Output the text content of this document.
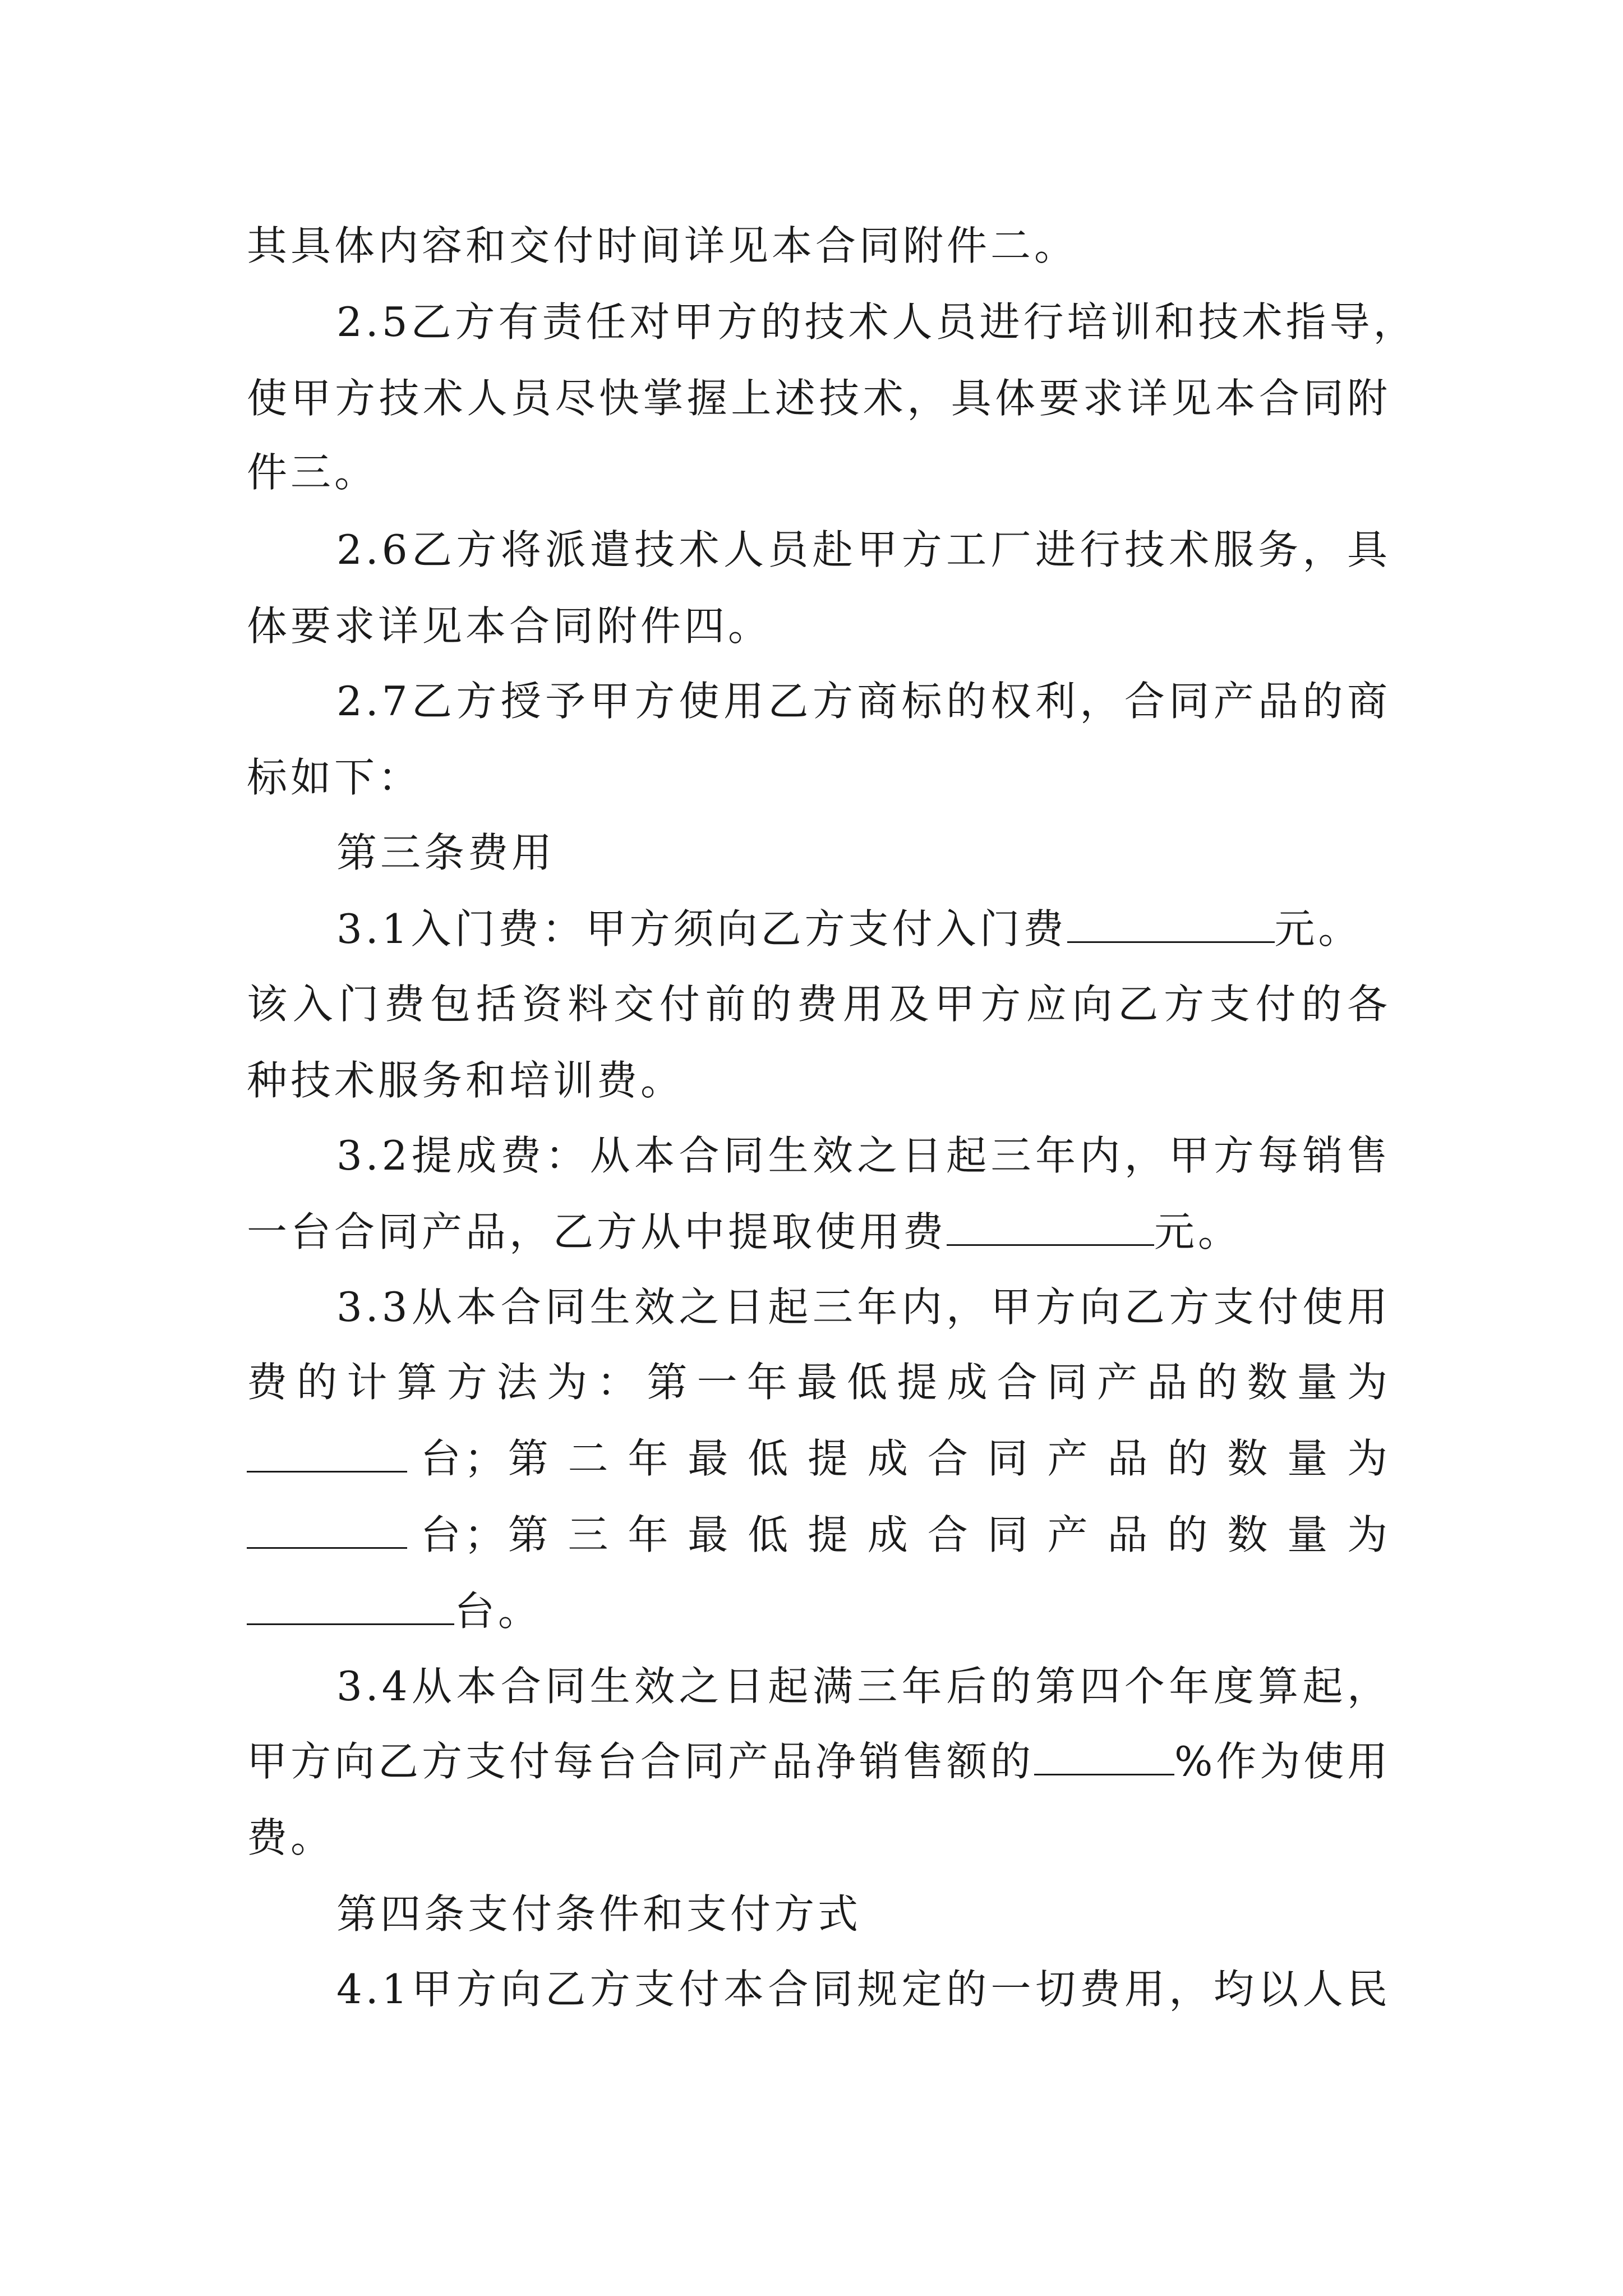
其具体内容和交付时间详见本合同附件二。
2.5乙方有责任对甲方的技术人员进行培训和技术指导，
使甲方技术人员尽快掌握上述技术，具体要求详见本合同附
件三。
2.6乙方将派遣技术人员赴甲方工厂进行技术服务，具
体要求详见本合同附件四。
2.7乙方授予甲方使用乙方商标的权利，合同产品的商
标如下：
第三条费用
3.1入门费：甲方须向乙方支付入门费	元。
该入门费包括资料交付前的费用及甲方应向乙方支付的各
种技术服务和培训费。
3.2提成费：从本合同生效之日起三年内，甲方每销售
一台合同产品，乙方从中提取使用费	元。
3.3从本合同生效之日起三年内，甲方向乙方支付使用
费的计算方法为：第一年最低提成合同产品的数量为
台；第 二 年 最 低 提 成 合 同 产 品 的 数 量 为
台；第 三 年 最 低 提 成 合 同 产 品 的 数 量 为
台。
3.4从本合同生效之日起满三年后的第四个年度算起，
甲方向乙方支付每台合同产品净销售额的	%作为使用
费。
第四条支付条件和支付方式
4.1甲方向乙方支付本合同规定的一切费用，均以人民
